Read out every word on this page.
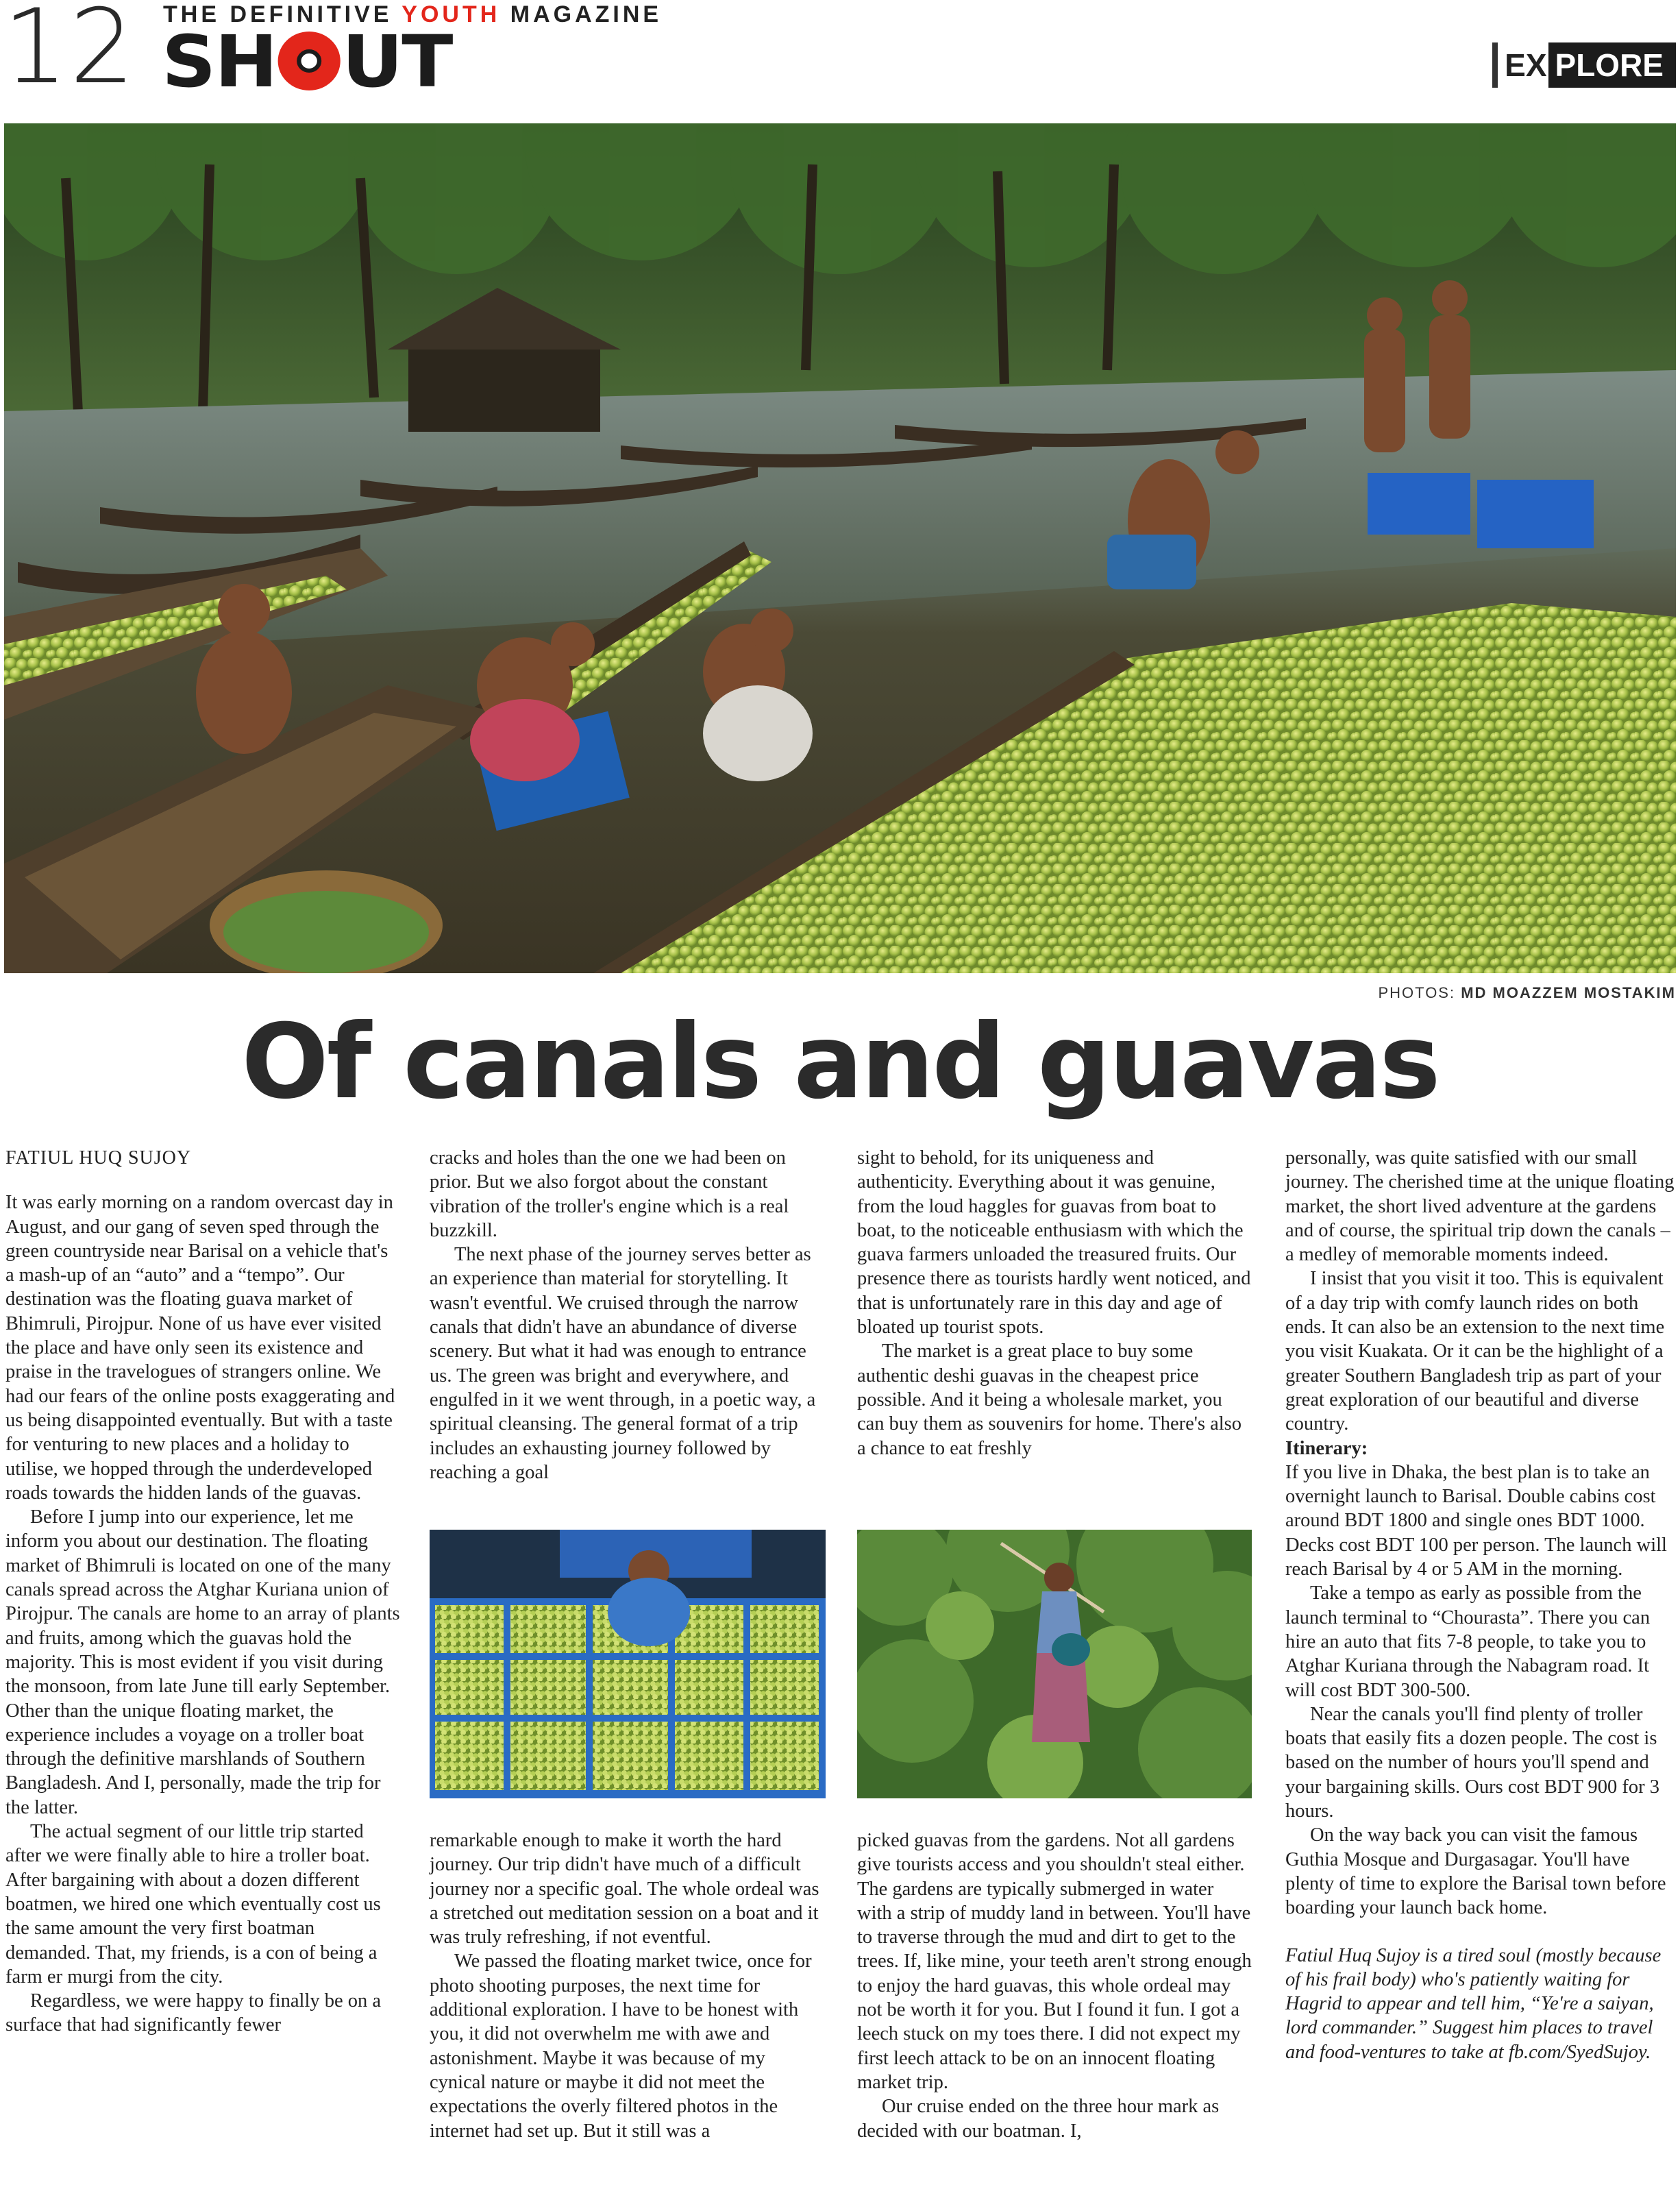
12 THE DEFINITIVE YOUTH MAGAZINE
SH UT	EX PLORE
PHOTOS: MD MOAZZEM MOSTAKIM
Of canals and guavas

FATIUL HUQ SUJOY

It was early morning on a random overcast day in August, and our gang of seven sped through the green countryside near Barisal on a vehicle that's a mash-up of an “auto” and a “tempo”. Our destination was the floating guava market of Bhimruli, Pirojpur. None of us have ever visited the place and have only seen its existence and praise in the travelogues of strangers online. We had our fears of the online posts exaggerating and us being disappointed eventually. But with a taste for venturing to new places and a holiday to utilise, we hopped through the underdeveloped roads towards the hidden lands of the guavas.

Before I jump into our experience, let me inform you about our destination. The floating market of Bhimruli is located on one of the many canals spread across the Atghar Kuriana union of Pirojpur. The canals are home to an array of plants and fruits, among which the guavas hold the majority. This is most evident if you visit during the monsoon, from late June till early September. Other than the unique floating market, the experience includes a voyage on a troller boat through the definitive marshlands of Southern Bangladesh. And I, personally, made the trip for the latter.

The actual segment of our little trip started after we were finally able to hire a troller boat. After bargaining with about a dozen different boatmen, we hired one which eventually cost us the same amount the very first boatman demanded. That, my friends, is a con of being a farm er murgi from the city.

Regardless, we were happy to finally be on a surface that had significantly fewer

cracks and holes than the one we had been on prior. But we also forgot about the constant vibration of the troller's engine which is a real buzzkill.

The next phase of the journey serves better as an experience than material for storytelling. It wasn't eventful. We cruised through the narrow canals that didn't have an abundance of diverse scenery. But what it had was enough to entrance us. The green was bright and everywhere, and engulfed in it we went through, in a poetic way, a spiritual cleansing. The general format of a trip includes an exhausting journey followed by reaching a goal

remarkable enough to make it worth the hard journey. Our trip didn't have much of a difficult journey nor a specific goal. The whole ordeal was a stretched out meditation session on a boat and it was truly refreshing, if not eventful.

We passed the floating market twice, once for photo shooting purposes, the next time for additional exploration. I have to be honest with you, it did not overwhelm me with awe and astonishment. Maybe it was because of my cynical nature or maybe it did not meet the expectations the overly filtered photos in the internet had set up. But it still was a

sight to behold, for its uniqueness and authenticity. Everything about it was genuine, from the loud haggles for guavas from boat to boat, to the noticeable enthusiasm with which the guava farmers unloaded the treasured fruits. Our presence there as tourists hardly went noticed, and that is unfortunately rare in this day and age of bloated up tourist spots.

The market is a great place to buy some authentic deshi guavas in the cheapest price possible. And it being a wholesale market, you can buy them as souvenirs for home. There's also a chance to eat freshly

picked guavas from the gardens. Not all gardens give tourists access and you shouldn't steal either. The gardens are typically submerged in water with a strip of muddy land in between. You'll have to traverse through the mud and dirt to get to the trees. If, like mine, your teeth aren't strong enough to enjoy the hard guavas, this whole ordeal may not be worth it for you. But I found it fun. I got a leech stuck on my toes there. I did not expect my first leech attack to be on an innocent floating market trip.

Our cruise ended on the three hour mark as decided with our boatman. I,

personally, was quite satisfied with our small journey. The cherished time at the unique floating market, the short lived adventure at the gardens and of course, the spiritual trip down the canals – a medley of memorable moments indeed.

I insist that you visit it too. This is equivalent of a day trip with comfy launch rides on both ends. It can also be an extension to the next time you visit Kuakata. Or it can be the highlight of a greater Southern Bangladesh trip as part of your great exploration of our beautiful and diverse country.

Itinerary:

If you live in Dhaka, the best plan is to take an overnight launch to Barisal. Double cabins cost around BDT 1800 and single ones BDT 1000. Decks cost BDT 100 per person. The launch will reach Barisal by 4 or 5 AM in the morning.

Take a tempo as early as possible from the launch terminal to “Chourasta”. There you can hire an auto that fits 7-8 people, to take you to Atghar Kuriana through the Nabagram road. It will cost BDT 300-500.

Near the canals you'll find plenty of troller boats that easily fits a dozen people. The cost is based on the number of hours you'll spend and your bargaining skills. Ours cost BDT 900 for 3 hours.

On the way back you can visit the famous Guthia Mosque and Durgasagar. You'll have plenty of time to explore the Barisal town before boarding your launch back home.

Fatiul Huq Sujoy is a tired soul (mostly because of his frail body) who's patiently waiting for Hagrid to appear and tell him, “Ye're a saiyan, lord commander.” Suggest him places to travel and food-ventures to take at fb.com/SyedSujoy.
